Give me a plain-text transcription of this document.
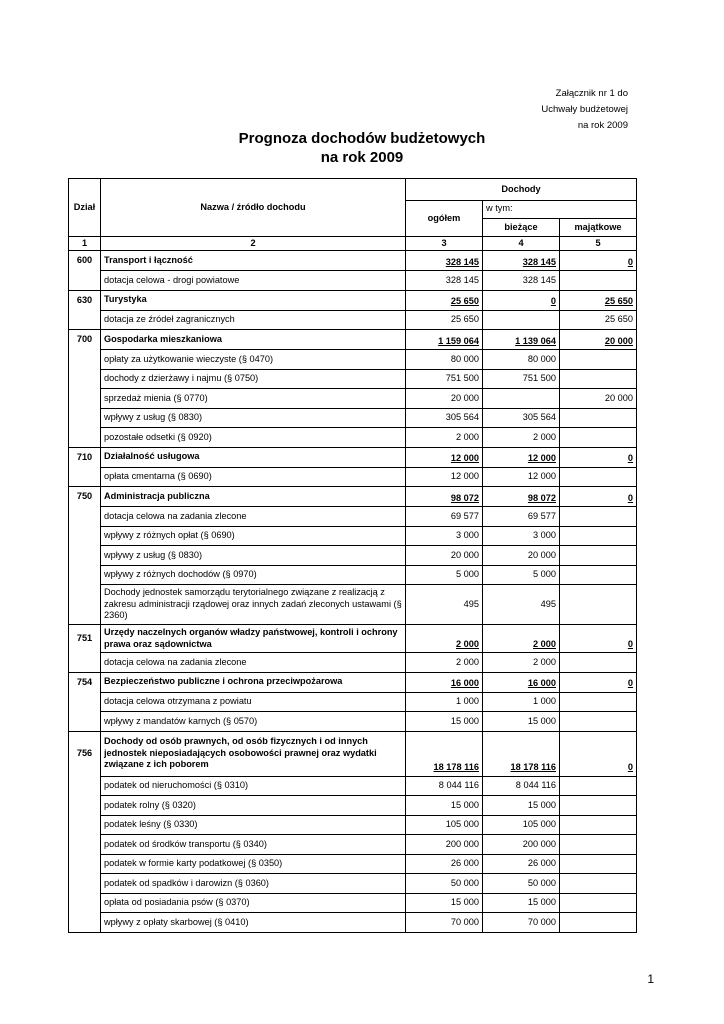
Załącznik nr 1 do
Uchwały budżetowej
na rok 2009
Prognoza dochodów budżetowych
na rok 2009
Dział	Nazwa / źródło dochodu	Dochody		
		ogółem	w tym:	
			bieżące	majątkowe
1	2	3	4	5
600	Transport i łączność	328 145	328 145	0
	dotacja celowa - drogi powiatowe	328 145	328 145	
630	Turystyka	25 650	0	25 650
	dotacja ze źródeł zagranicznych	25 650		25 650
700	Gospodarka mieszkaniowa	1 159 064	1 139 064	20 000
	opłaty za użytkowanie wieczyste (§ 0470)	80 000	80 000	
	dochody z dzierżawy i najmu (§ 0750)	751 500	751 500	
	sprzedaż mienia (§ 0770)	20 000		20 000
	wpływy z usług (§ 0830)	305 564	305 564	
	pozostałe odsetki (§ 0920)	2 000	2 000	
710	Działalność usługowa	12 000	12 000	0
	opłata cmentarna (§ 0690)	12 000	12 000	
750	Administracja publiczna	98 072	98 072	0
	dotacja celowa na zadania zlecone	69 577	69 577	
	wpływy z różnych opłat (§ 0690)	3 000	3 000	
	wpływy z usług (§ 0830)	20 000	20 000	
	wpływy z różnych dochodów (§ 0970)	5 000	5 000	
	Dochody jednostek samorządu terytorialnego związane z realizacją z zakresu administracji rządowej oraz innych zadań zleconych ustawami (§ 2360)	495	495	
751	Urzędy naczelnych organów władzy państwowej, kontroli i ochrony prawa oraz sądownictwa	2 000	2 000	0
	dotacja celowa na zadania zlecone	2 000	2 000	
754	Bezpieczeństwo publiczne i ochrona przeciwpożarowa	16 000	16 000	0
	dotacja celowa otrzymana z powiatu	1 000	1 000	
	wpływy z mandatów karnych (§ 0570)	15 000	15 000	
756	Dochody od osób prawnych, od osób fizycznych i od innych jednostek nieposiadających osobowości prawnej oraz wydatki związane z ich poborem	18 178 116	18 178 116	0
	podatek od nieruchomości (§ 0310)	8 044 116	8 044 116	
	podatek rolny (§ 0320)	15 000	15 000	
	podatek leśny (§ 0330)	105 000	105 000	
	podatek od środków transportu (§ 0340)	200 000	200 000	
	podatek w formie karty podatkowej (§ 0350)	26 000	26 000	
	podatek od spadków i darowizn (§ 0360)	50 000	50 000	
	opłata od posiadania psów (§ 0370)	15 000	15 000	
	wpływy z opłaty skarbowej (§ 0410)	70 000	70 000	
1
